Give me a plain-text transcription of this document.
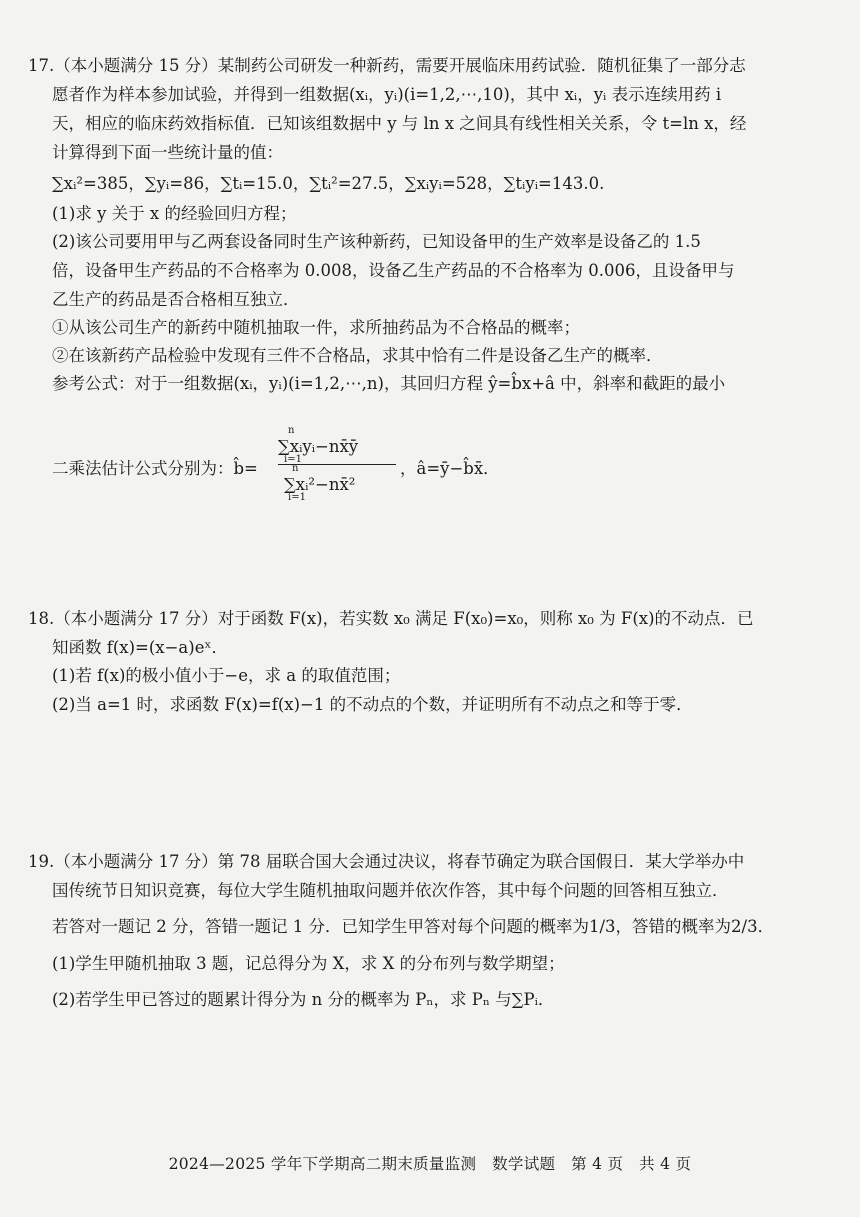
17.（本小题满分 15 分）某制药公司研发一种新药，需要开展临床用药试验．随机征集了一部分志
愿者作为样本参加试验，并得到一组数据(xᵢ，yᵢ)(i=1,2,⋯,10)，其中 xᵢ，yᵢ 表示连续用药 i
天，相应的临床药效指标值．已知该组数据中 y 与 ln x 之间具有线性相关关系，令 t=ln x，经
计算得到下面一些统计量的值：
∑xᵢ²=385，∑yᵢ=86，∑tᵢ=15.0，∑tᵢ²=27.5，∑xᵢyᵢ=528，∑tᵢyᵢ=143.0.
(1)求 y 关于 x 的经验回归方程；
(2)该公司要用甲与乙两套设备同时生产该种新药，已知设备甲的生产效率是设备乙的 1.5
倍，设备甲生产药品的不合格率为 0.008，设备乙生产药品的不合格率为 0.006，且设备甲与
乙生产的药品是否合格相互独立．
①从该公司生产的新药中随机抽取一件，求所抽药品为不合格品的概率；
②在该新药产品检验中发现有三件不合格品，求其中恰有二件是设备乙生产的概率．
参考公式：对于一组数据(xᵢ，yᵢ)(i=1,2,⋯,n)，其回归方程 ŷ=b̂x+â 中，斜率和截距的最小
二乘法估计公式分别为：b̂=
n
∑xᵢyᵢ−nx̄ȳ
i=1
n
∑xᵢ²−nx̄²
i=1
，â=ȳ−b̂x̄．
18.（本小题满分 17 分）对于函数 F(x)，若实数 x₀ 满足 F(x₀)=x₀，则称 x₀ 为 F(x)的不动点．已
知函数 f(x)=(x−a)eˣ．
(1)若 f(x)的极小值小于−e，求 a 的取值范围；
(2)当 a=1 时，求函数 F(x)=f(x)−1 的不动点的个数，并证明所有不动点之和等于零．
19.（本小题满分 17 分）第 78 届联合国大会通过决议，将春节确定为联合国假日．某大学举办中
国传统节日知识竞赛，每位大学生随机抽取问题并依次作答，其中每个问题的回答相互独立．
若答对一题记 2 分，答错一题记 1 分．已知学生甲答对每个问题的概率为1/3，答错的概率为2/3．
(1)学生甲随机抽取 3 题，记总得分为 X，求 X 的分布列与数学期望；
(2)若学生甲已答过的题累计得分为 n 分的概率为 Pₙ，求 Pₙ 与∑Pᵢ．
2024—2025 学年下学期高二期末质量监测　数学试题　第 4 页　共 4 页
